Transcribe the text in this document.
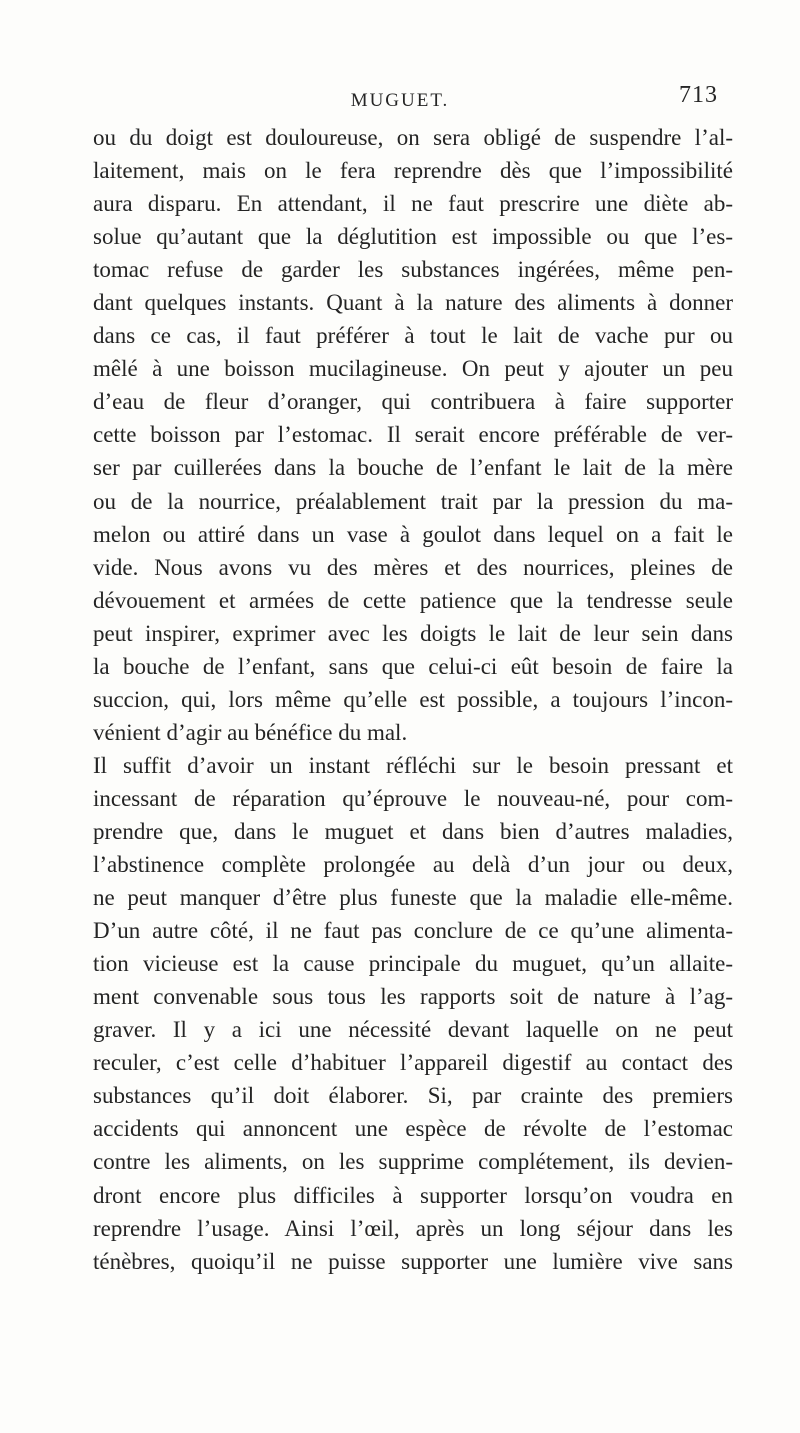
MUGUET.	713
ou du doigt est douloureuse, on sera obligé de suspendre l’al-
laitement, mais on le fera reprendre dès que l’impossibilité
aura disparu. En attendant, il ne faut prescrire une diète ab-
solue qu’autant que la déglutition est impossible ou que l’es-
tomac refuse de garder les substances ingérées, même pen-
dant quelques instants. Quant à la nature des aliments à donner
dans ce cas, il faut préférer à tout le lait de vache pur ou
mêlé à une boisson mucilagineuse. On peut y ajouter un peu
d’eau de fleur d’oranger, qui contribuera à faire supporter
cette boisson par l’estomac. Il serait encore préférable de ver-
ser par cuillerées dans la bouche de l’enfant le lait de la mère
ou de la nourrice, préalablement trait par la pression du ma-
melon ou attiré dans un vase à goulot dans lequel on a fait le
vide. Nous avons vu des mères et des nourrices, pleines de
dévouement et armées de cette patience que la tendresse seule
peut inspirer, exprimer avec les doigts le lait de leur sein dans
la bouche de l’enfant, sans que celui-ci eût besoin de faire la
succion, qui, lors même qu’elle est possible, a toujours l’incon-
vénient d’agir au bénéfice du mal.
Il suffit d’avoir un instant réfléchi sur le besoin pressant et
incessant de réparation qu’éprouve le nouveau-né, pour com-
prendre que, dans le muguet et dans bien d’autres maladies,
l’abstinence complète prolongée au delà d’un jour ou deux,
ne peut manquer d’être plus funeste que la maladie elle-même.
D’un autre côté, il ne faut pas conclure de ce qu’une alimenta-
tion vicieuse est la cause principale du muguet, qu’un allaite-
ment convenable sous tous les rapports soit de nature à l’ag-
graver. Il y a ici une nécessité devant laquelle on ne peut
reculer, c’est celle d’habituer l’appareil digestif au contact des
substances qu’il doit élaborer. Si, par crainte des premiers
accidents qui annoncent une espèce de révolte de l’estomac
contre les aliments, on les supprime complétement, ils devien-
dront encore plus difficiles à supporter lorsqu’on voudra en
reprendre l’usage. Ainsi l’œil, après un long séjour dans les
ténèbres, quoiqu’il ne puisse supporter une lumière vive sans
